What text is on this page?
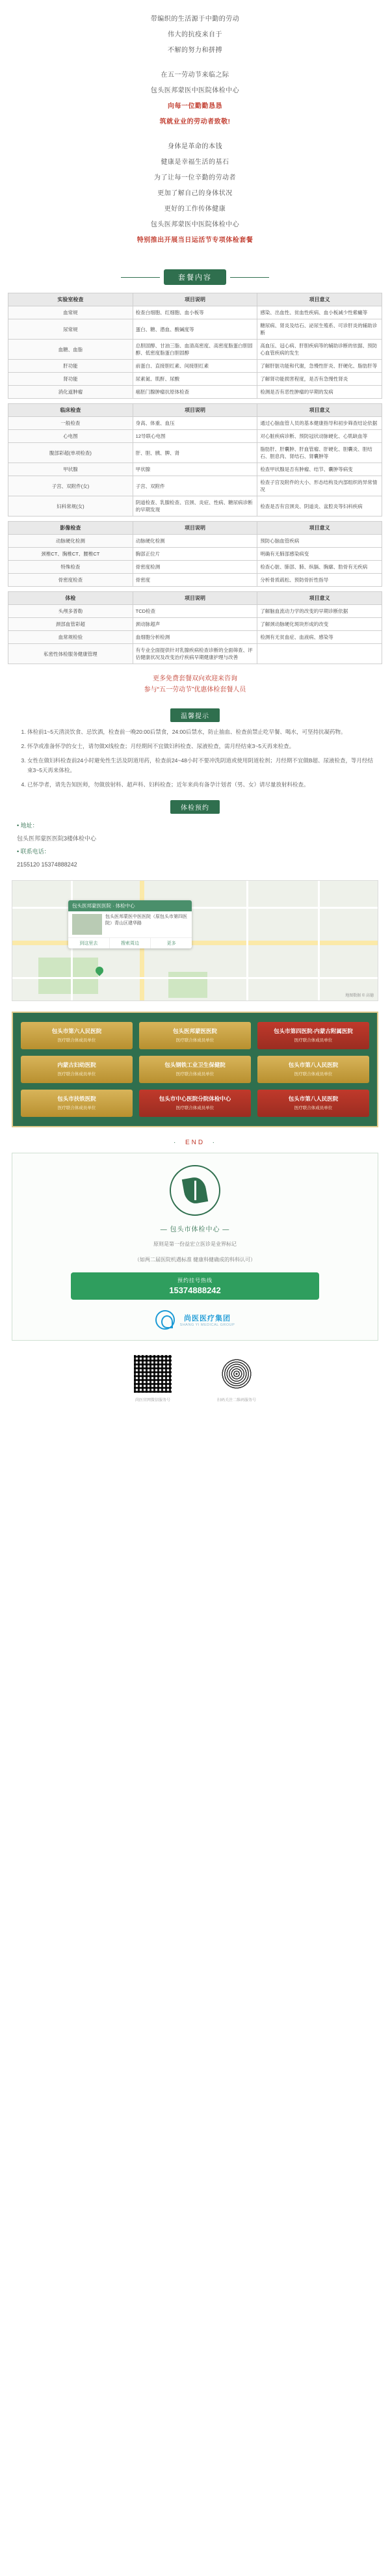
带编织的生活源于中勤的劳动

伟大的抗疫来自于

不解的努力和拼搏

在五一劳动节来临之际

包头医邦蒙医中医院体检中心

向每一位勤勤恳恳

筑就业业的劳动者致敬!

身体是革命的本钱

健康是幸福生活的基石

为了让每一位辛勤的劳动者

更加了解自己的身体状况

更好的工作传体健康

包头医邦蒙医中医院体检中心

特别推出开展当日运活节专项体检套餐

套餐内容
实验室检查	项目说明	项目意义
血常规	检查白细胞、红细胞、血小板等	感染、出血性、贫血性疾病、血小板减少性紫癜等
尿常规	蛋白、糖、潜血、酸碱度等	糖尿病、肾炎及结石、泌尿生殖系、可诊肝炎的辅助诊断
血糖、血脂	总胆固醇、甘油三脂、血清高密度、高密度脂蛋白胆固醇、低密度脂蛋白胆固醇	高血压、冠心病、肝胆疾病等的辅助诊断的依据、预防心血管疾病的发生
肝功能	前蛋白、直接胆红素、间接胆红素	了解肝脏功能和代谢，急慢性肝炎、肝硬化、脂肪肝等
肾功能	尿素氮、肌酐、尿酸	了解肾功能损害程度，是否有急慢性肾炎
消化道肿瘤	癌胚门腺肿瘤抗原体检查	检测是否有恶性肿瘤的早期的发病

临床检查	项目说明	项目意义
一般检查	身高、体重、血压	通过心脑血管人员的基本健康指导和初步筛查结论依据
心电图	12导联心电图	对心脏疾病诊断、预防冠状动脉硬化、心肌缺血等
腹部彩超(单项检查)	肝、胆、胰、脾、肾	脂肪肝、肝囊肿、肝血管瘤、肝硬化、胆囊炎、胆结石、胆息肉、肾结石、肾囊肿等
甲状腺	甲状腺	检查甲状腺是否有肿瘤、结节、囊肿等病变
子宫、双附件(女)	子宫、双附件	检查子宫及附件的大小、形态结构及内部组织的异常情况
妇科常规(女)	阴道检查、乳腺检查、宫颈、炎症、性病、糖尿病诊断的早期发现	检查是否有宫颈炎、阴道炎、盆腔炎等妇科疾病

影像检查	项目说明	项目意义
动脉硬化检测	动脉硬化检测	预防心脑血管疾病
颈椎CT、胸椎CT、腰椎CT	胸部正位片	明确有无肺部感染病变
特殊检查	骨密度检测	检查心脏、肺部、肺、纵膈、胸廓、肋骨有无疾病
骨密度检查	骨密度	分析骨质疏松、预防骨折性指导

体检	项目说明	项目意义
头颅多普勒	TCD检查	了解脑血流动力学的改变的早期诊断依据
颈部血管彩超	颈动脉超声	了解颈动脉硬化斑块形成的改变
血常规检验	血细胞分析检测	检测有无贫血症、血液病、感染等
私密性体检服务健康管理	有专业全面提供针对乳腺疾病检查诊断的全面筛查、评估健康状况及改变治疗疾病早期健康护理与改善	
更多免费套餐双向欢迎来咨询
参与“五一劳动节”优惠体检套餐人员
温馨提示
1. 体检前1~5天清淡饮食、忌饮酒，检查前一晚20:00后禁食，24:00后禁水，防止抽血、检查前禁止吃早餐、喝水，可坚持抗凝药物。
2. 怀孕或准备怀孕的女士，请勿做X线检查；月经期间不宜做妇科检查、尿液检查，需月经结束3~5天再来检查。
3. 女性在做妇科检查前24小时避免性生活及阴道用药，检查前24~48小时不要冲洗阴道或使用阴道栓剂；月经期不宜做B超、尿液检查，等月经结束3~5天再来体检。
4. 已怀孕者，请先告知医师，勿做放射科、超声科、妇科检查；近年来尚有备孕计划者（男、女）请尽量放射科检查。
体检预约
• 地址：
包头医邦蒙医医院3楼体检中心
• 联系电话：
2155120 15374888242
包头医邦蒙医医院 · 体检中心
包头医邦蒙医中医医院（原包头市第四医院）青山区建华路
到这里去	搜索周边	更多
地图数据 © 高德
包头市第六人民医院
医疗联合体成员单位
包头医邦蒙医医院
医疗联合体成员单位
包头市第四医院-内蒙古附属医院
医疗联合体成员单位
内蒙古妇幼医院
医疗联合体成员单位
包头钢铁工业卫生保健院
医疗联合体成员单位
包头市第八人民医院
医疗联合体成员单位
包头市扶铁医院
医疗联合体成员单位
包头市中心医院分院体检中心
医疗联合体成员单位
包头市第八人民医院
医疗联合体成员单位
·  END  ·
— 包头市体检中心 —
原则是第一份益宏立医诊是业界标记
（如两二届医院机遇标准 健康科健确成的科科认可）
预约挂号热线
15374888242
尚医医疗集团
SHANG YI MEDICAL GROUP
尚医官网微信服务号	扫码关注二维码服务号
